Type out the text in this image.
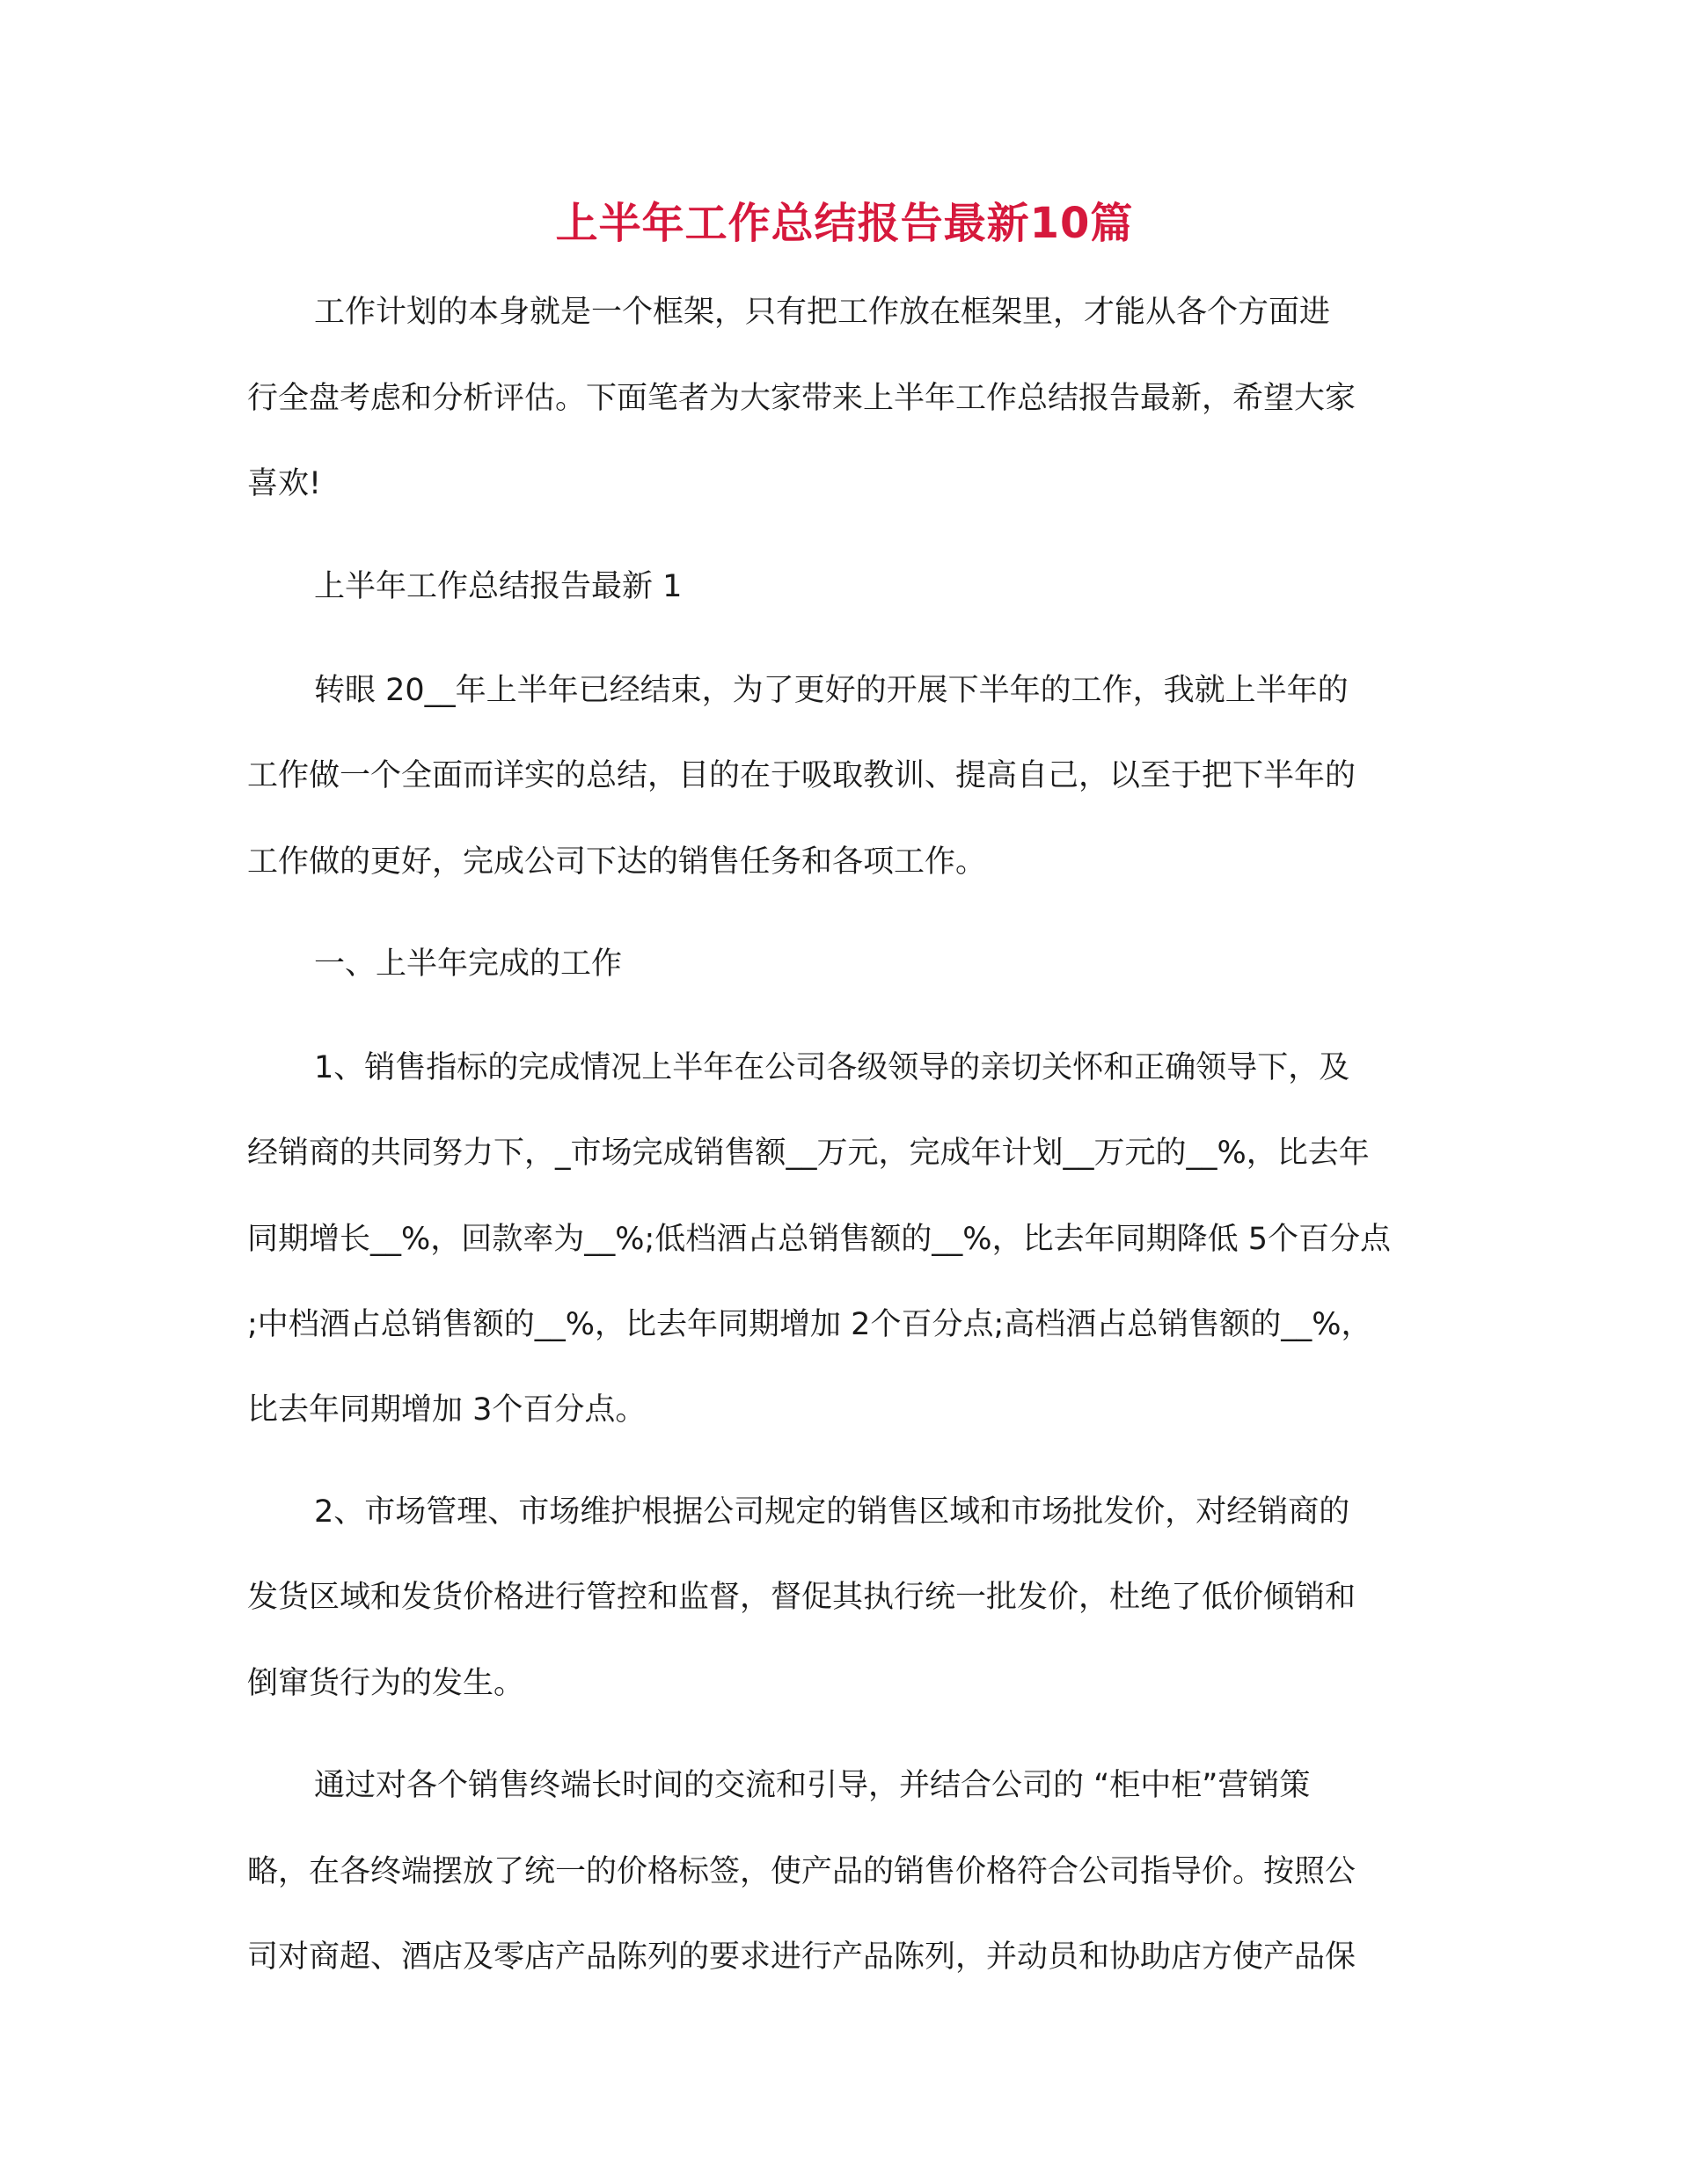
上半年工作总结报告最新10篇
工作计划的本身就是一个框架，只有把工作放在框架里，才能从各个方面进
行全盘考虑和分析评估。下面笔者为大家带来上半年工作总结报告最新，希望大家
喜欢!
上半年工作总结报告最新 1
转眼 20__年上半年已经结束，为了更好的开展下半年的工作，我就上半年的
工作做一个全面而详实的总结，目的在于吸取教训、提高自己，以至于把下半年的
工作做的更好，完成公司下达的销售任务和各项工作。
一、上半年完成的工作
1、销售指标的完成情况上半年在公司各级领导的亲切关怀和正确领导下，及
经销商的共同努力下，_市场完成销售额__万元，完成年计划__万元的__%，比去年
同期增长__%，回款率为__%;低档酒占总销售额的__%，比去年同期降低 5个百分点
;中档酒占总销售额的__%，比去年同期增加 2个百分点;高档酒占总销售额的__%，
比去年同期增加 3个百分点。
2、市场管理、市场维护根据公司规定的销售区域和市场批发价，对经销商的
发货区域和发货价格进行管控和监督，督促其执行统一批发价，杜绝了低价倾销和
倒窜货行为的发生。
通过对各个销售终端长时间的交流和引导，并结合公司的 “柜中柜”营销策
略，在各终端摆放了统一的价格标签，使产品的销售价格符合公司指导价。按照公
司对商超、酒店及零店产品陈列的要求进行产品陈列，并动员和协助店方使产品保
